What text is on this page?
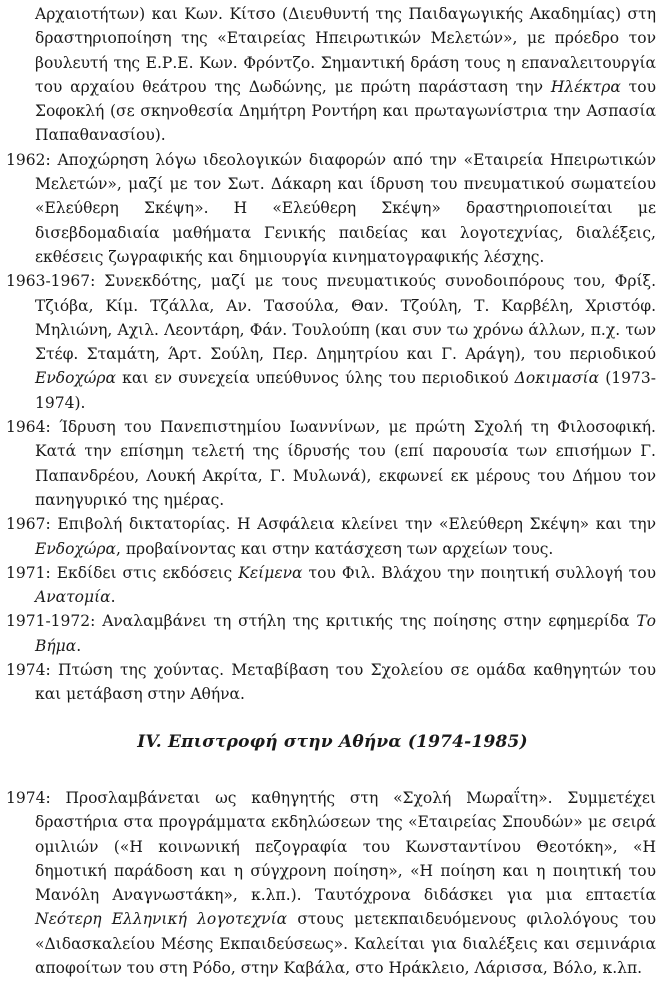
Αρχαιοτήτων) και Κων. Κίτσο (Διευθυντή της Παιδαγωγικής Ακαδημίας) στη δραστηριοποίηση της «Εταιρείας Ηπειρωτικών Μελετών», με πρόεδρο τον βουλευτή της Ε.Ρ.Ε. Κων. Φρόντζο. Σημαντική δράση τους η επαναλειτουργία του αρχαίου θεάτρου της Δωδώνης, με πρώτη παράσταση την Ηλέκτρα του Σοφοκλή (σε σκηνοθεσία Δημήτρη Ροντήρη και πρωταγωνίστρια την Ασπασία Παπαθανασίου).

1962: Αποχώρηση λόγω ιδεολογικών διαφορών από την «Εταιρεία Ηπειρωτικών Μελετών», μαζί με τον Σωτ. Δάκαρη και ίδρυση του πνευματικού σωματείου «Ελεύθερη Σκέψη». Η «Ελεύθερη Σκέψη» δραστηριοποιείται με δισεβδομαδιαία μαθήματα Γενικής παιδείας και λογοτεχνίας, διαλέξεις, εκθέσεις ζωγραφικής και δημιουργία κινηματογραφικής λέσχης.

1963-1967: Συνεκδότης, μαζί με τους πνευματικούς συνοδοιπόρους του, Φρίξ. Τζιόβα, Κίμ. Τζάλλα, Αν. Τασούλα, Θαν. Τζούλη, Τ. Καρβέλη, Χριστόφ. Μηλιώνη, Αχιλ. Λεοντάρη, Φάν. Τουλούπη (και συν τω χρόνω άλλων, π.χ. των Στέφ. Σταμάτη, Άρτ. Σούλη, Περ. Δημητρίου και Γ. Αράγη), του περιοδικού Ενδοχώρα και εν συνεχεία υπεύθυνος ύλης του περιοδικού Δοκιμασία (1973-1974).

1964: Ίδρυση του Πανεπιστημίου Ιωαννίνων, με πρώτη Σχολή τη Φιλοσοφική. Κατά την επίσημη τελετή της ίδρυσής του (επί παρουσία των επισήμων Γ. Παπανδρέου, Λουκή Ακρίτα, Γ. Μυλωνά), εκφωνεί εκ μέρους του Δήμου τον πανηγυρικό της ημέρας.

1967: Επιβολή δικτατορίας. Η Ασφάλεια κλείνει την «Ελεύθερη Σκέψη» και την Ενδοχώρα, προβαίνοντας και στην κατάσχεση των αρχείων τους.

1971: Εκδίδει στις εκδόσεις Κείμενα του Φιλ. Βλάχου την ποιητική συλλογή του Ανατομία.

1971-1972: Αναλαμβάνει τη στήλη της κριτικής της ποίησης στην εφημερίδα Το Βήμα.

1974: Πτώση της χούντας. Μεταβίβαση του Σχολείου σε ομάδα καθηγητών του και μετάβαση στην Αθήνα.

IV. Επιστροφή στην Αθήνα (1974-1985)

1974: Προσλαμβάνεται ως καθηγητής στη «Σχολή Μωραΐτη». Συμμετέχει δραστήρια στα προγράμματα εκδηλώσεων της «Εταιρείας Σπουδών» με σειρά ομιλιών («Η κοινωνική πεζογραφία του Κωνσταντίνου Θεοτόκη», «Η δημοτική παράδοση και η σύγχρονη ποίηση», «Η ποίηση και η ποιητική του Μανόλη Αναγνωστάκη», κ.λπ.). Ταυτόχρονα διδάσκει για μια επταετία Νεότερη Ελληνική λογοτεχνία στους μετεκπαιδευόμενους φιλολόγους του «Διδασκαλείου Μέσης Εκπαιδεύσεως». Καλείται για διαλέξεις και σεμινάρια αποφοίτων του στη Ρόδο, στην Καβάλα, στο Ηράκλειο, Λάρισσα, Βόλο, κ.λπ.
